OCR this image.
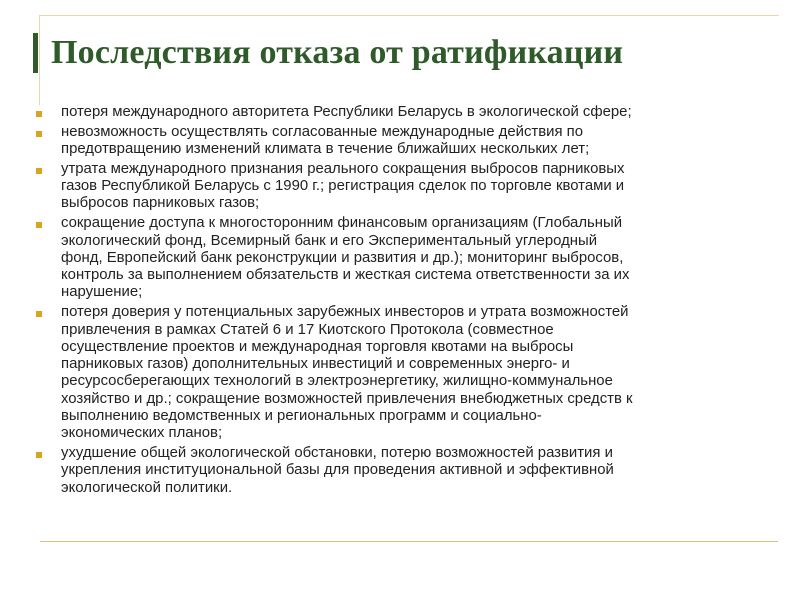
Последствия отказа от ратификации
потеря международного авторитета Республики Беларусь в экологической сфере;
невозможность осуществлять согласованные международные действия по
предотвращению изменений климата в течение ближайших нескольких лет;
утрата международного признания реального сокращения выбросов парниковых
газов Республикой Беларусь с 1990 г.; регистрация сделок по торговле квотами и
выбросов парниковых газов;
сокращение доступа к многосторонним финансовым организациям (Глобальный
экологический фонд, Всемирный банк и его Экспериментальный углеродный
фонд, Европейский банк реконструкции и развития и др.); мониторинг выбросов,
контроль за выполнением обязательств и жесткая система ответственности за их
нарушение;
потеря доверия у потенциальных зарубежных инвесторов и утрата возможностей
привлечения в рамках Статей 6 и 17 Киотского Протокола (совместное
осуществление проектов и международная торговля квотами на выбросы
парниковых газов) дополнительных инвестиций и современных энерго- и
ресурсосберегающих технологий в электроэнергетику, жилищно-коммунальное
хозяйство и др.; сокращение возможностей привлечения внебюджетных средств к
выполнению ведомственных и региональных программ и социально-
экономических планов;
ухудшение общей экологической обстановки, потерю возможностей развития и
укрепления институциональной базы для проведения активной и эффективной
экологической политики.
